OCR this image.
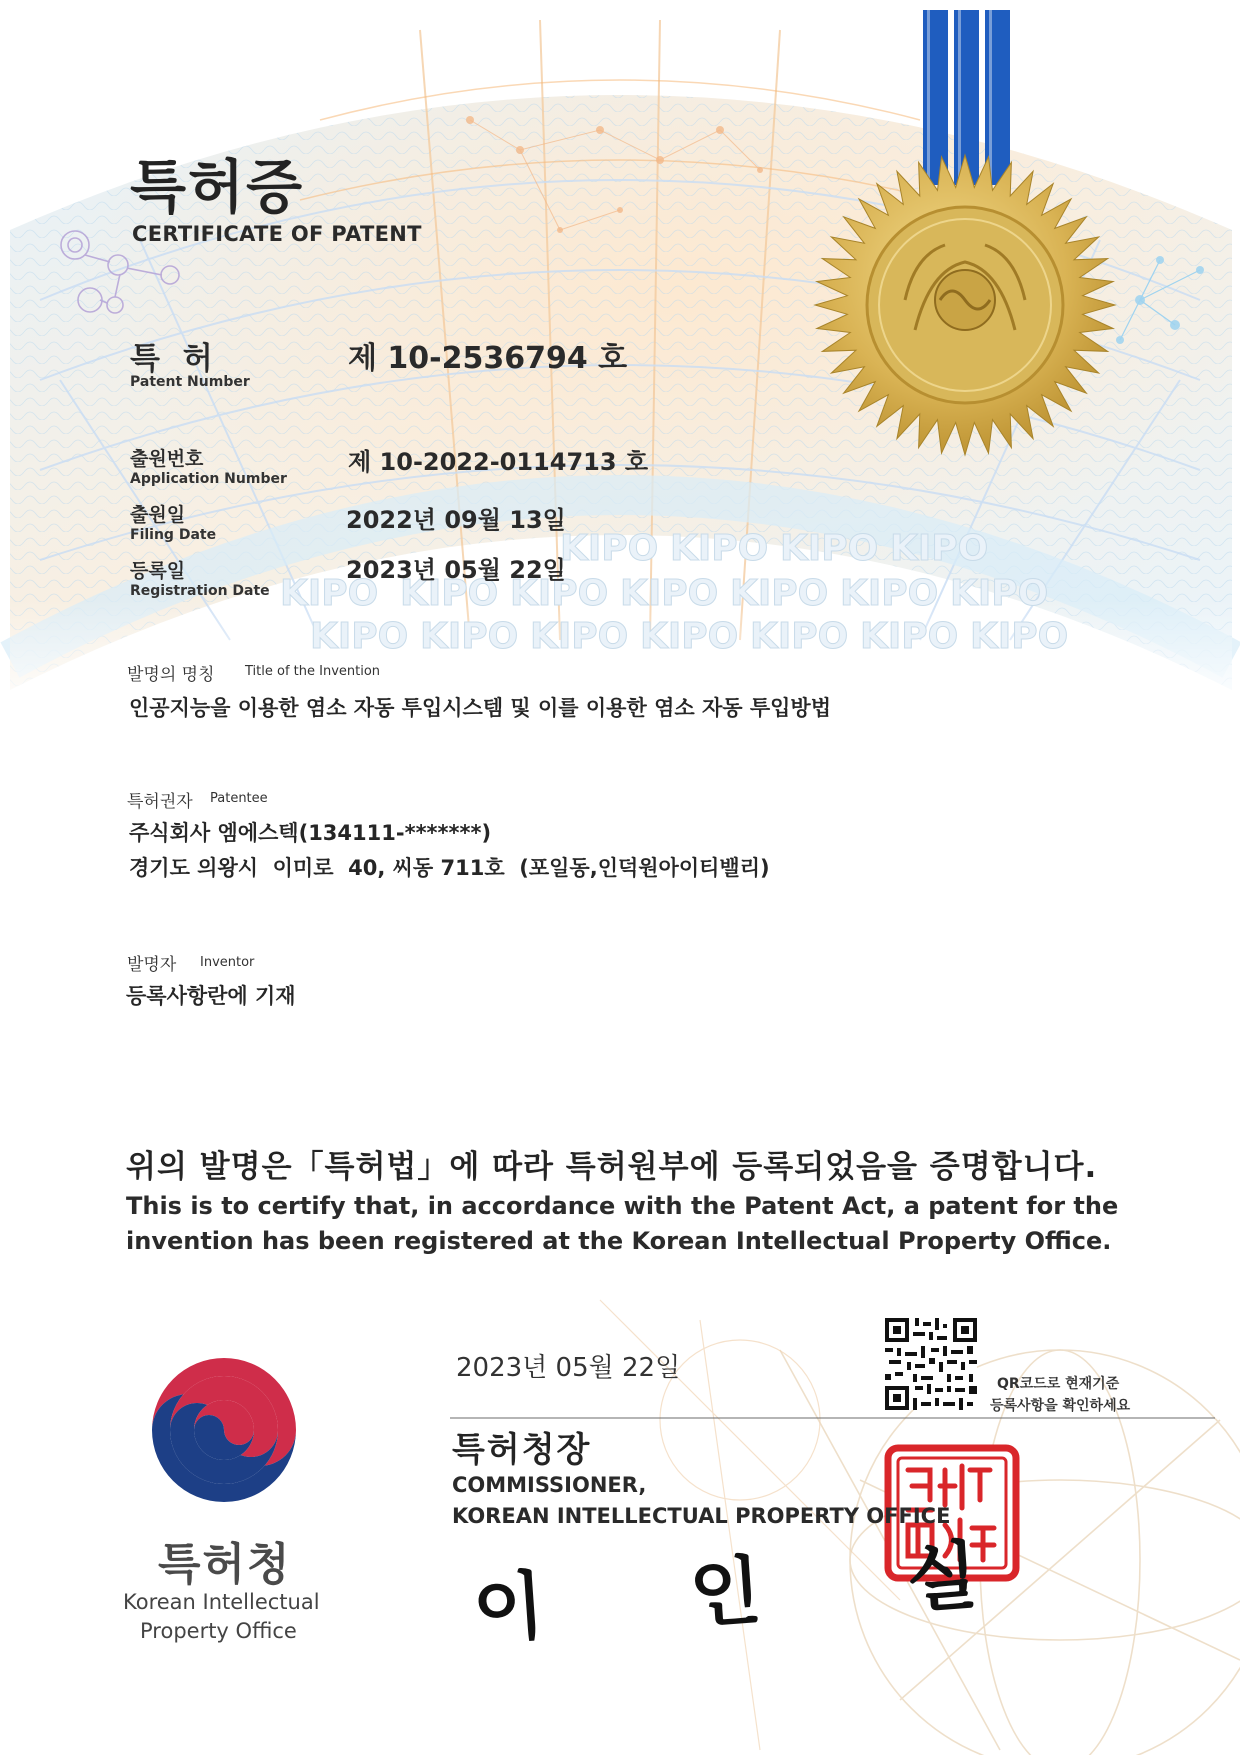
KIPO KIPO KIPO KIPO
KIPO KIPO KIPO KIPO KIPO KIPO KIPO
KIPO KIPO KIPO KIPO KIPO KIPO KIPO
특허증
CERTIFICATE OF PATENT
특 허
Patent Number
제 10-2536794 호
출원번호
Application Number
제 10-2022-0114713 호
출원일
Filing Date
2022년 09월 13일
등록일
Registration Date
2023년 05월 22일
발명의 명칭 Title of the Invention
인공지능을 이용한 염소 자동 투입시스템 및 이를 이용한 염소 자동 투입방법
특허권자 Patentee
주식회사 엠에스텍(134111-*******)
경기도 의왕시  이미로  40, 씨동 711호  (포일동,인덕원아이티밸리)
발명자 Inventor
등록사항란에 기재
위의 발명은「특허법」에 따라 특허원부에 등록되었음을 증명합니다.
This is to certify that, in accordance with the Patent Act, a patent for the
invention has been registered at the Korean Intellectual Property Office.
2023년 05월 22일
QR코드로 현재기준
등록사항을 확인하세요
특허청장
COMMISSIONER,
KOREAN INTELLECTUAL PROPERTY OFFICE
이 인 실
특허청
Korean Intellectual
Property Office
